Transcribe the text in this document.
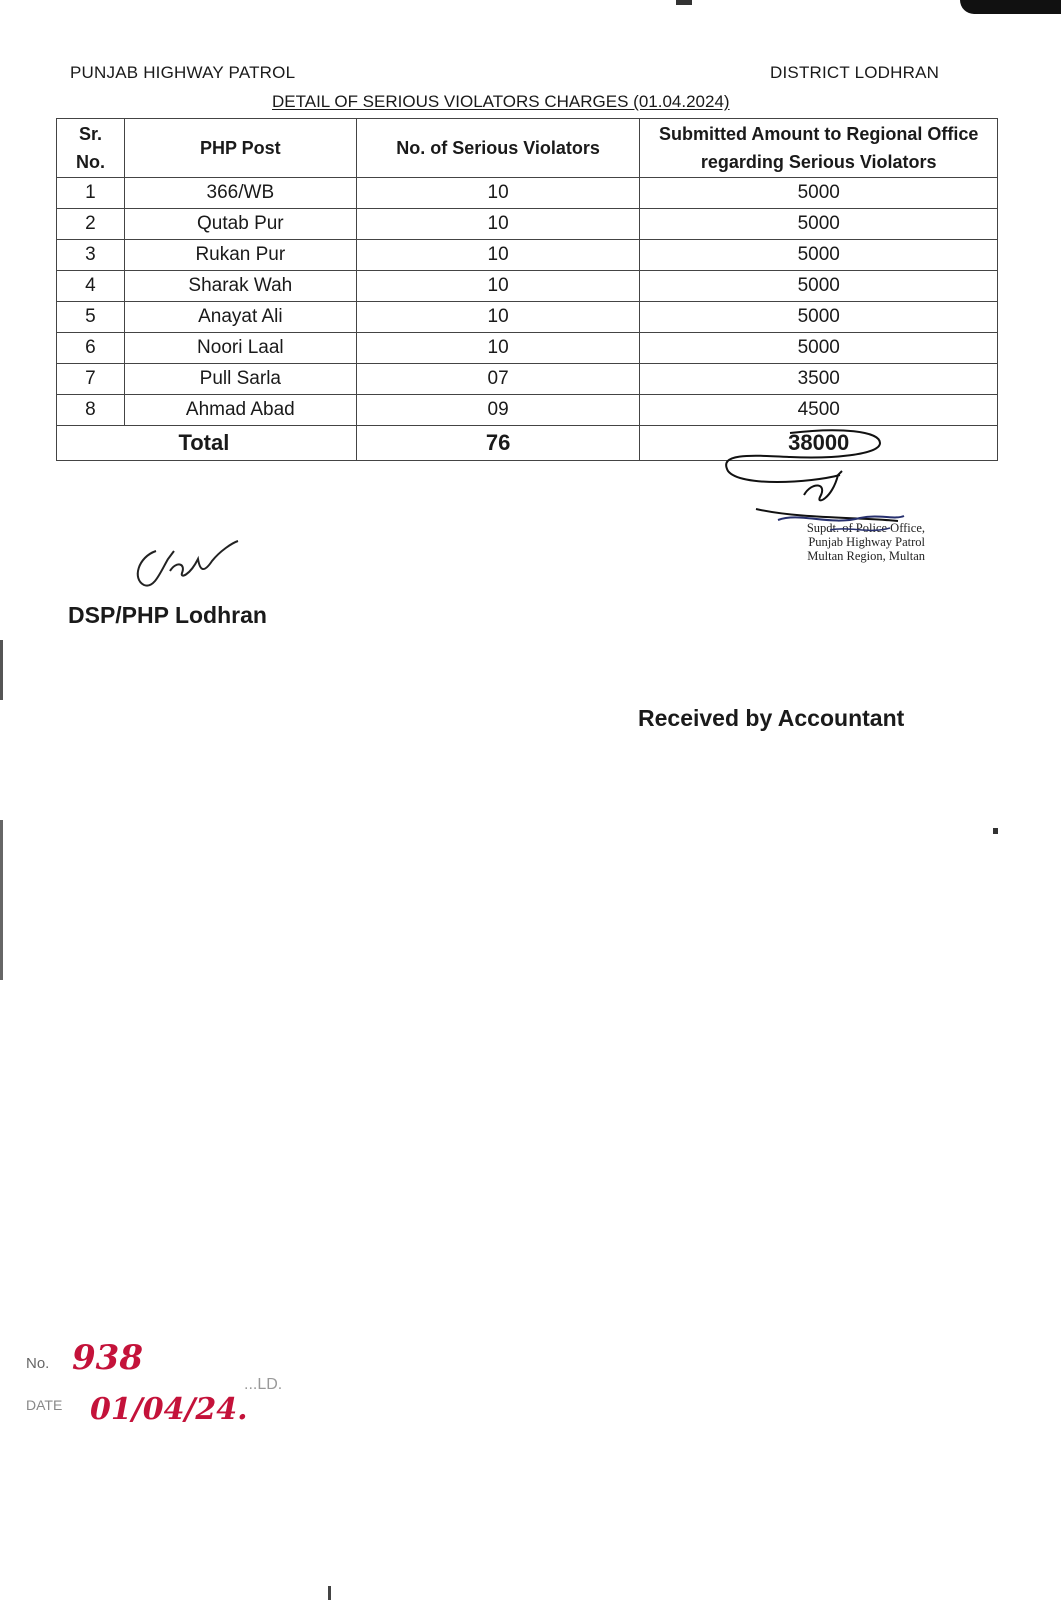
PUNJAB HIGHWAY PATROL	DISTRICT LODHRAN
DETAIL OF SERIOUS VIOLATORS CHARGES (01.04.2024)
Sr.
No.	PHP Post	No. of Serious Violators	Submitted Amount to Regional Office regarding Serious Violators
1	366/WB	10	5000
2	Qutab Pur	10	5000
3	Rukan Pur	10	5000
4	Sharak Wah	10	5000
5	Anayat Ali	10	5000
6	Noori Laal	10	5000
7	Pull Sarla	07	3500
8	Ahmad Abad	09	4500
	Total	76	38000
Supdt. of Police Office,
Punjab Highway Patrol
Multan Region, Multan
DSP/PHP Lodhran
Received by Accountant
No. 938
...LD.
DATE 01/04/24.
